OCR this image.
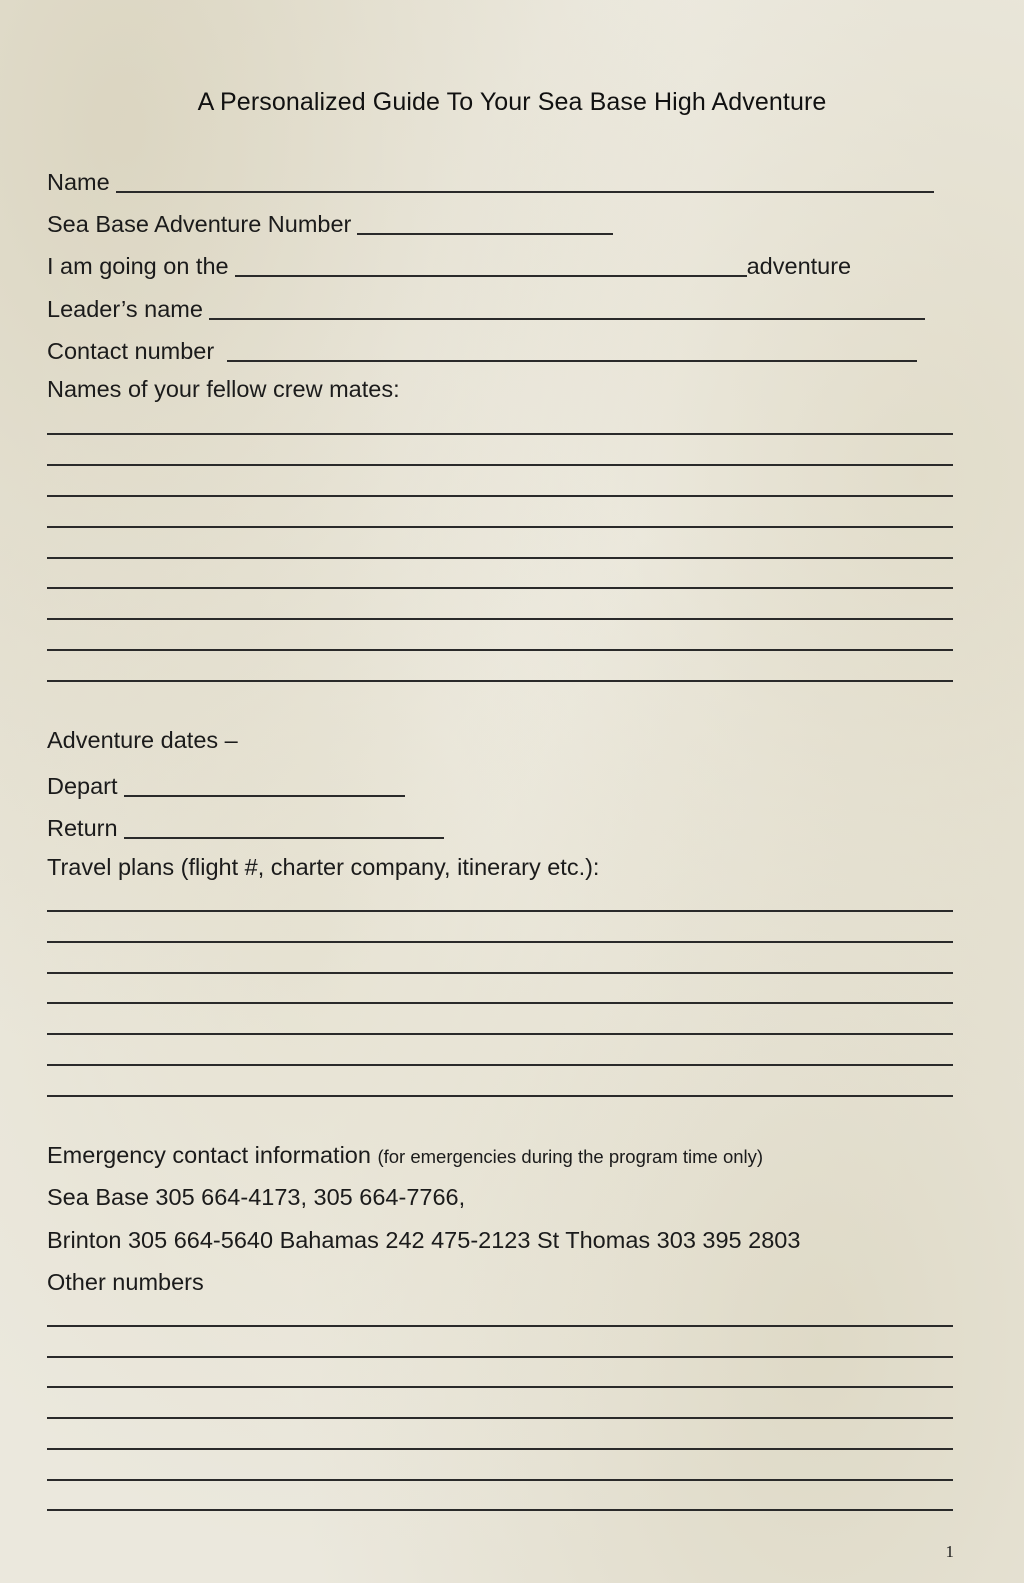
A Personalized Guide To Your Sea Base High Adventure
Name
Sea Base Adventure Number
I am going on the	adventure
Leader’s name
Contact number
Names of your fellow crew mates:
Adventure dates –
Depart
Return
Travel plans (flight #, charter company, itinerary etc.):
Emergency contact information (for emergencies during the program time only)
Sea Base 305 664-4173, 305 664-7766,
Brinton 305 664-5640 Bahamas 242 475-2123 St Thomas 303 395 2803
Other numbers
1
